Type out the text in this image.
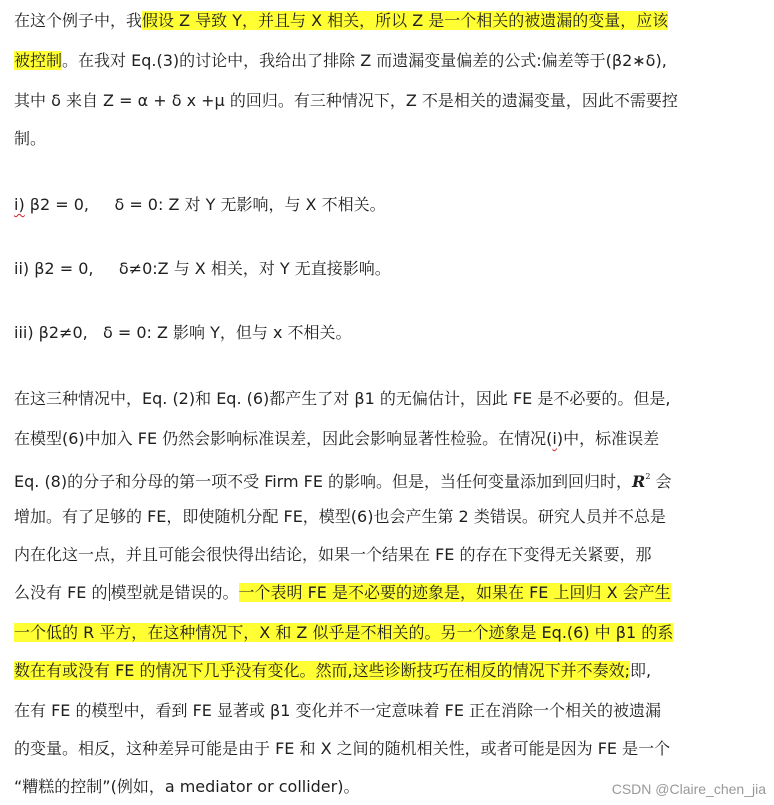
在这个例子中，我假设 Z 导致 Y，并且与 X 相关，所以 Z 是一个相关的被遗漏的变量，应该
被控制。在我对 Eq.(3)的讨论中，我给出了排除 Z 而遗漏变量偏差的公式:偏差等于(β2∗δ),
其中 δ 来自 Z = α + δ x +μ 的回归。有三种情况下，Z 不是相关的遗漏变量，因此不需要控
制。
i) β2 = 0,     δ = 0: Z 对 Y 无影响，与 X 不相关。
ii) β2 = 0,     δ≠0:Z 与 X 相关，对 Y 无直接影响。
iii) β2≠0,   δ = 0: Z 影响 Y，但与 x 不相关。
在这三种情况中，Eq. (2)和 Eq. (6)都产生了对 β1 的无偏估计，因此 FE 是不必要的。但是,
在模型(6)中加入 FE 仍然会影响标准误差，因此会影响显著性检验。在情况(i)中，标准误差
Eq. (8)的分子和分母的第一项不受 Firm FE 的影响。但是，当任何变量添加到回归时，$R^2$ 会
增加。有了足够的 FE，即使随机分配 FE，模型(6)也会产生第 2 类错误。研究人员并不总是
内在化这一点，并且可能会很快得出结论，如果一个结果在 FE 的存在下变得无关紧要，那
么没有 FE 的 模型就是错误的。一个表明 FE 是不必要的迹象是，如果在 FE 上回归 X 会产生
一个低的 R 平方，在这种情况下，X 和 Z 似乎是不相关的。另一个迹象是 Eq.(6) 中 β1 的系
数在有或没有 FE 的情况下几乎没有变化。然而,这些诊断技巧在相反的情况下并不奏效;即,
在有 FE 的模型中，看到 FE 显著或 β1 变化并不一定意味着 FE 正在消除一个相关的被遗漏
的变量。相反，这种差异可能是由于 FE 和 X 之间的随机相关性，或者可能是因为 FE 是一个
“糟糕的控制”(例如，a mediator or collider)。	CSDN @Claire_chen_jia
